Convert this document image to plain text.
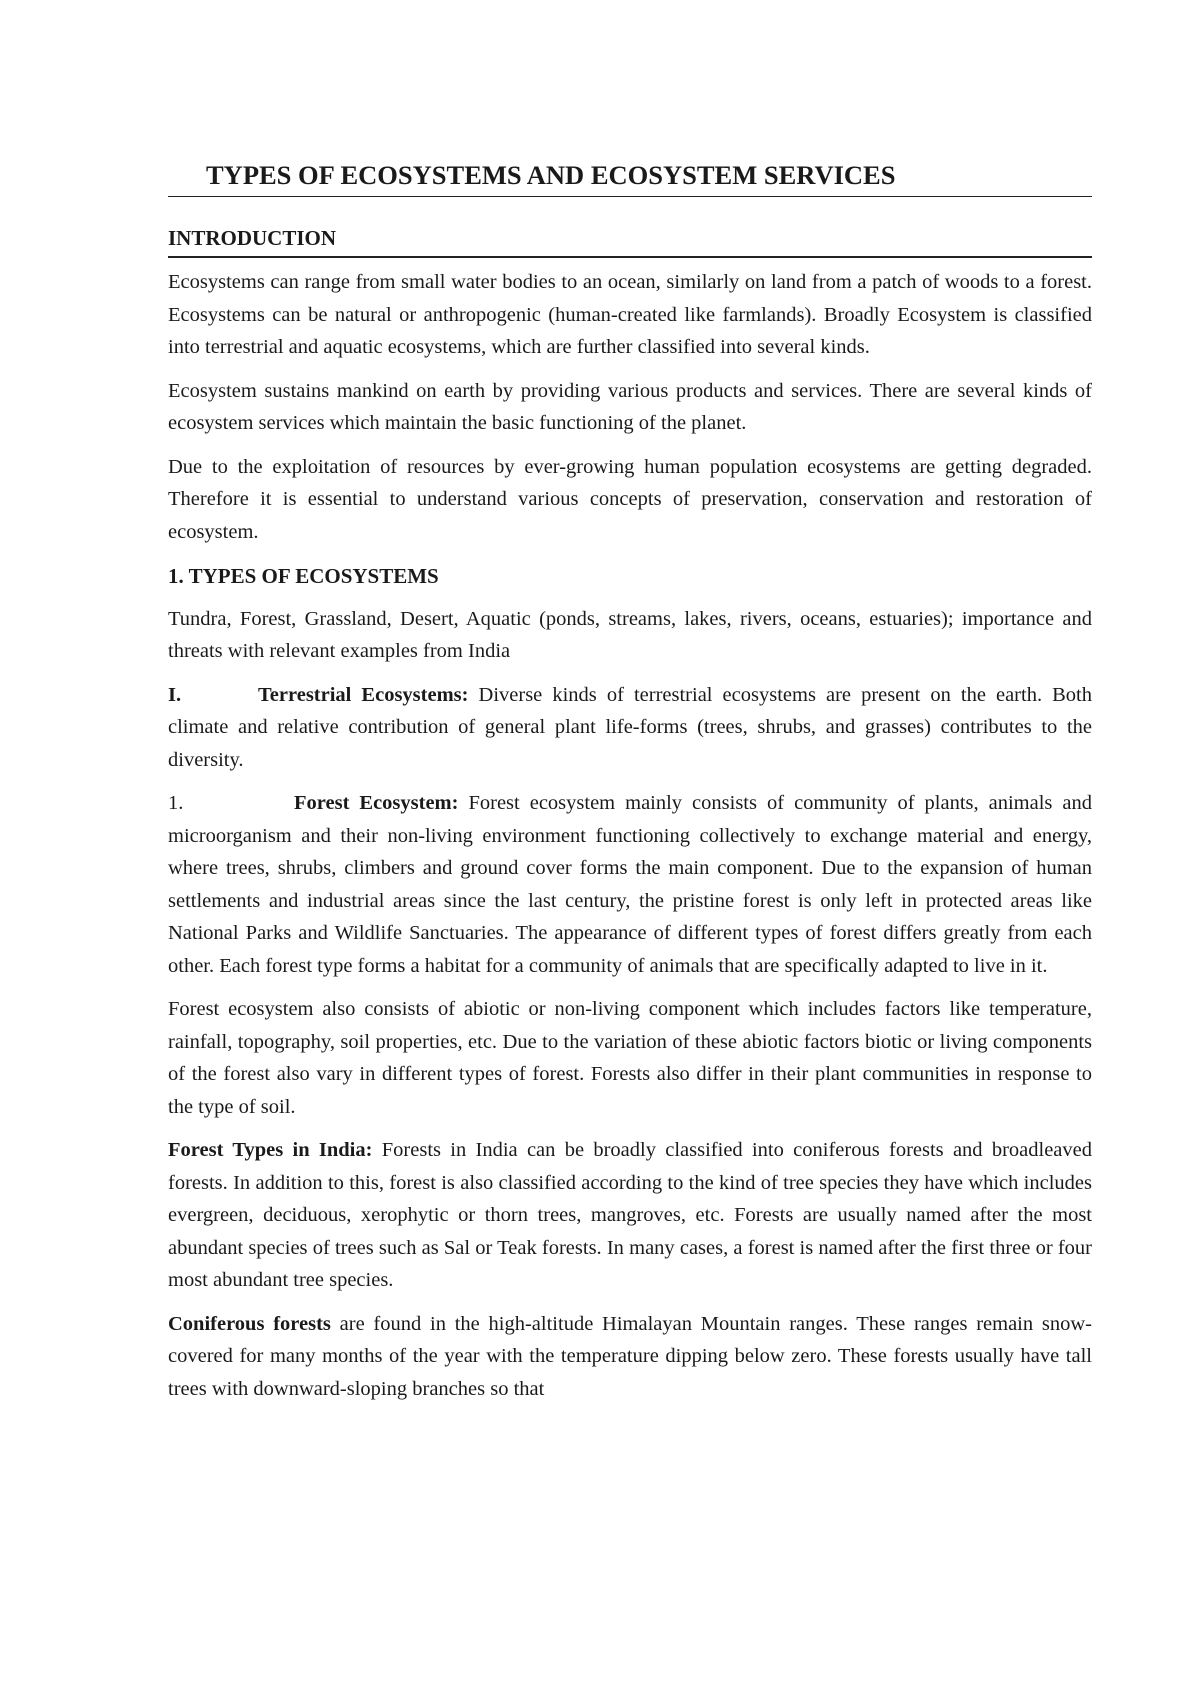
TYPES OF ECOSYSTEMS AND ECOSYSTEM SERVICES
INTRODUCTION

Ecosystems can range from small water bodies to an ocean, similarly on land from a patch of woods to a forest. Ecosystems can be natural or anthropogenic (human-created like farmlands). Broadly Ecosystem is classified into terrestrial and aquatic ecosystems, which are further classified into several kinds.

Ecosystem sustains mankind on earth by providing various products and services. There are several kinds of ecosystem services which maintain the basic functioning of the planet.

Due to the exploitation of resources by ever-growing human population ecosystems are getting degraded. Therefore it is essential to understand various concepts of preservation, conservation and restoration of ecosystem.

1. TYPES OF ECOSYSTEMS

Tundra, Forest, Grassland, Desert, Aquatic (ponds, streams, lakes, rivers, oceans, estuaries); importance and threats with relevant examples from India

I.	Terrestrial Ecosystems: Diverse kinds of terrestrial ecosystems are present on the earth. Both climate and relative contribution of general plant life-forms (trees, shrubs, and grasses) contributes to the diversity.

1.	Forest Ecosystem: Forest ecosystem mainly consists of community of plants, animals and microorganism and their non-living environment functioning collectively to exchange material and energy, where trees, shrubs, climbers and ground cover forms the main component. Due to the expansion of human settlements and industrial areas since the last century, the pristine forest is only left in protected areas like National Parks and Wildlife Sanctuaries. The appearance of different types of forest differs greatly from each other. Each forest type forms a habitat for a community of animals that are specifically adapted to live in it.

Forest ecosystem also consists of abiotic or non-living component which includes factors like temperature, rainfall, topography, soil properties, etc. Due to the variation of these abiotic factors biotic or living components of the forest also vary in different types of forest. Forests also differ in their plant communities in response to the type of soil.

Forest Types in India: Forests in India can be broadly classified into coniferous forests and broadleaved forests. In addition to this, forest is also classified according to the kind of tree species they have which includes evergreen, deciduous, xerophytic or thorn trees, mangroves, etc. Forests are usually named after the most abundant species of trees such as Sal or Teak forests. In many cases, a forest is named after the first three or four most abundant tree species.

Coniferous forests are found in the high-altitude Himalayan Mountain ranges. These ranges remain snow-covered for many months of the year with the temperature dipping below zero. These forests usually have tall trees with downward-sloping branches so that
